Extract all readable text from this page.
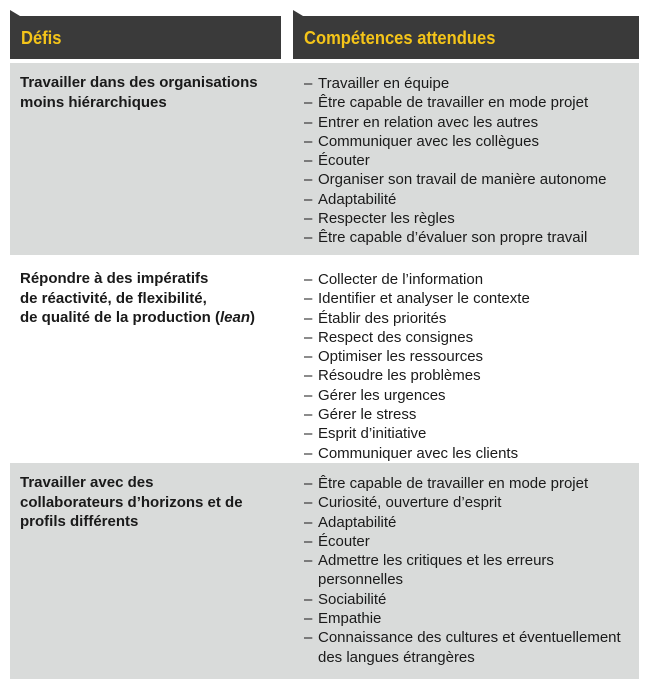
Défis	Compétences attendues
Travailler dans des organisations
moins hiérarchiques
– Travailler en équipe
– Être capable de travailler en mode projet
– Entrer en relation avec les autres
– Communiquer avec les collègues
– Écouter
– Organiser son travail de manière autonome
– Adaptabilité
– Respecter les règles
– Être capable d’évaluer son propre travail
Répondre à des impératifs
de réactivité, de flexibilité,
de qualité de la production (lean)
– Collecter de l’information
– Identifier et analyser le contexte
– Établir des priorités
– Respect des consignes
– Optimiser les ressources
– Résoudre les problèmes
– Gérer les urgences
– Gérer le stress
– Esprit d’initiative
– Communiquer avec les clients
Travailler avec des
collaborateurs d’horizons et de
profils différents
– Être capable de travailler en mode projet
– Curiosité, ouverture d’esprit
– Adaptabilité
– Écouter
– Admettre les critiques et les erreurs personnelles
– Sociabilité
– Empathie
– Connaissance des cultures et éventuellement des langues étrangères
